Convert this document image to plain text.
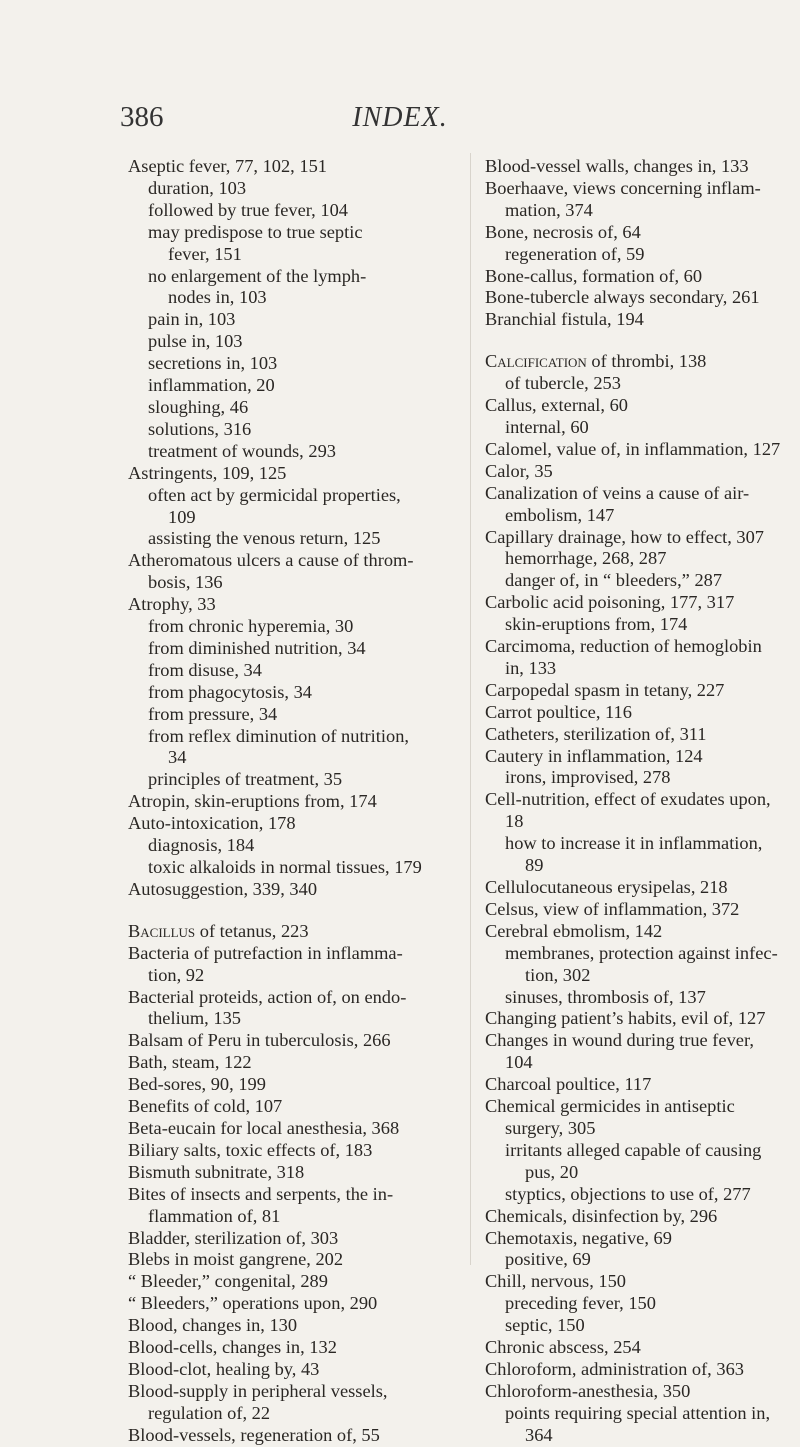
386	INDEX.
Aseptic fever, 77, 102, 151
duration, 103
followed by true fever, 104
may predispose to true septic
fever, 151
no enlargement of the lymph-
nodes in, 103
pain in, 103
pulse in, 103
secretions in, 103
inflammation, 20
sloughing, 46
solutions, 316
treatment of wounds, 293
Astringents, 109, 125
often act by germicidal properties,
109
assisting the venous return, 125
Atheromatous ulcers a cause of throm-
bosis, 136
Atrophy, 33
from chronic hyperemia, 30
from diminished nutrition, 34
from disuse, 34
from phagocytosis, 34
from pressure, 34
from reflex diminution of nutrition,
34
principles of treatment, 35
Atropin, skin-eruptions from, 174
Auto-intoxication, 178
diagnosis, 184
toxic alkaloids in normal tissues, 179
Autosuggestion, 339, 340
Bacillus of tetanus, 223
Bacteria of putrefaction in inflamma-
tion, 92
Bacterial proteids, action of, on endo-
thelium, 135
Balsam of Peru in tuberculosis, 266
Bath, steam, 122
Bed-sores, 90, 199
Benefits of cold, 107
Beta-eucain for local anesthesia, 368
Biliary salts, toxic effects of, 183
Bismuth subnitrate, 318
Bites of insects and serpents, the in-
flammation of, 81
Bladder, sterilization of, 303
Blebs in moist gangrene, 202
“ Bleeder,” congenital, 289
“ Bleeders,” operations upon, 290
Blood, changes in, 130
Blood-cells, changes in, 132
Blood-clot, healing by, 43
Blood-supply in peripheral vessels,
regulation of, 22
Blood-vessels, regeneration of, 55
Blood-vessel walls, changes in, 133
Boerhaave, views concerning inflam-
mation, 374
Bone, necrosis of, 64
regeneration of, 59
Bone-callus, formation of, 60
Bone-tubercle always secondary, 261
Branchial fistula, 194
Calcification of thrombi, 138
of tubercle, 253
Callus, external, 60
internal, 60
Calomel, value of, in inflammation, 127
Calor, 35
Canalization of veins a cause of air-
embolism, 147
Capillary drainage, how to effect, 307
hemorrhage, 268, 287
danger of, in “ bleeders,” 287
Carbolic acid poisoning, 177, 317
skin-eruptions from, 174
Carcimoma, reduction of hemoglobin
in, 133
Carpopedal spasm in tetany, 227
Carrot poultice, 116
Catheters, sterilization of, 311
Cautery in inflammation, 124
irons, improvised, 278
Cell-nutrition, effect of exudates upon,
18
how to increase it in inflammation,
89
Cellulocutaneous erysipelas, 218
Celsus, view of inflammation, 372
Cerebral ebmolism, 142
membranes, protection against infec-
tion, 302
sinuses, thrombosis of, 137
Changing patient’s habits, evil of, 127
Changes in wound during true fever,
104
Charcoal poultice, 117
Chemical germicides in antiseptic
surgery, 305
irritants alleged capable of causing
pus, 20
styptics, objections to use of, 277
Chemicals, disinfection by, 296
Chemotaxis, negative, 69
positive, 69
Chill, nervous, 150
preceding fever, 150
septic, 150
Chronic abscess, 254
Chloroform, administration of, 363
Chloroform-anesthesia, 350
points requiring special attention in,
364
